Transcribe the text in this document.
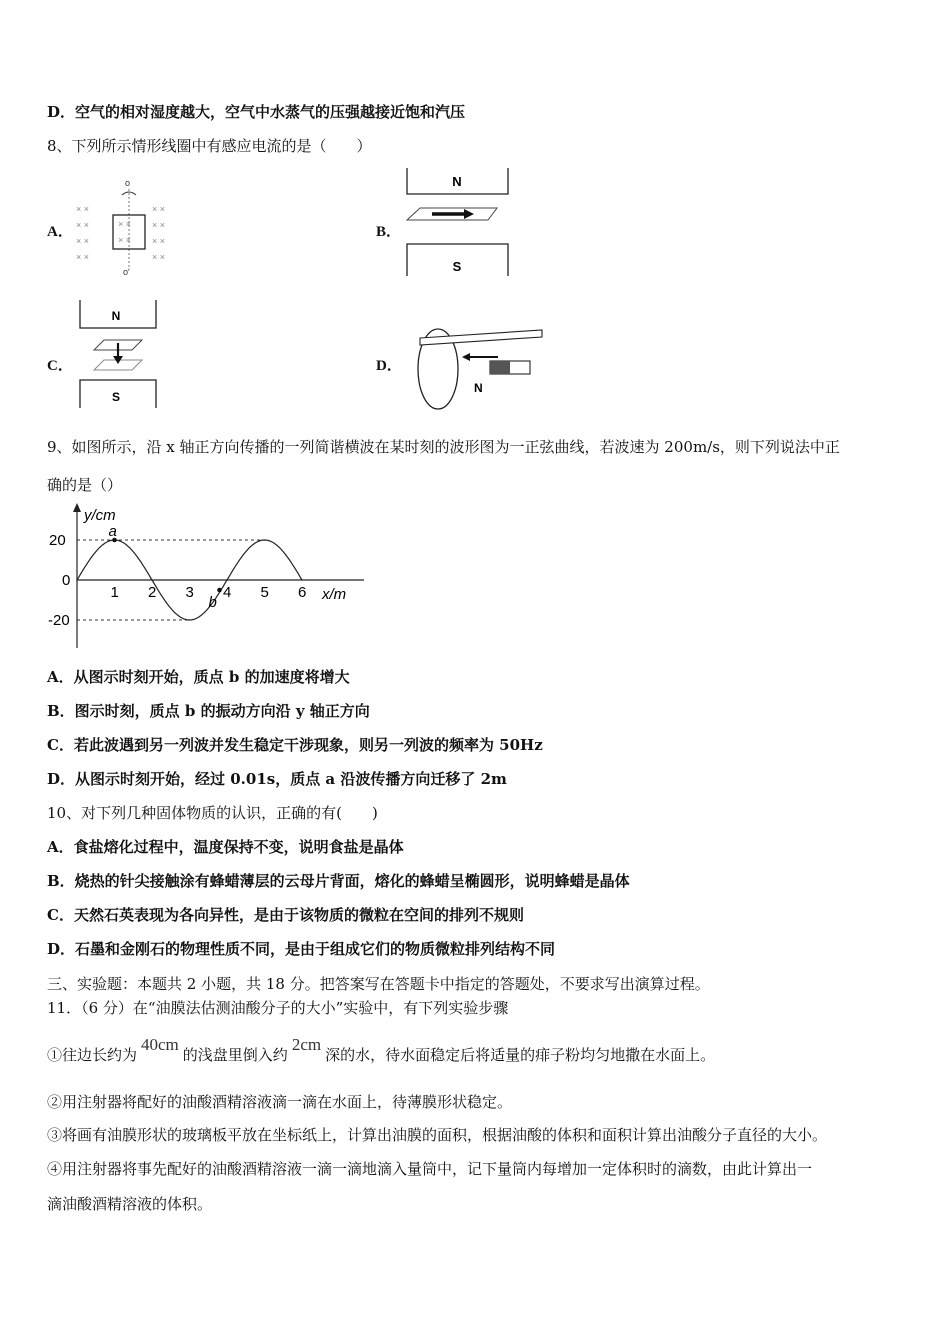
D．空气的相对湿度越大，空气中水蒸气的压强越接近饱和汽压
8、下列所示情形线圈中有感应电流的是（　　）
A．
× ×
× ×
× ×
× ×
× ×
× ×
× ×
× ×
× ×
× ×
o
o′
B．
N
S
C．
N
S
D．
N
9、如图所示，沿 x 轴正方向传播的一列简谐横波在某时刻的波形图为一正弦曲线，若波速为 200m/s，则下列说法中正
确的是（）
y/cm
x/m
1 2 3 4 5 6
20
0
-20
a
b
A．从图示时刻开始，质点 b 的加速度将增大
B．图示时刻，质点 b 的振动方向沿 y 轴正方向
C．若此波遇到另一列波并发生稳定干涉现象，则另一列波的频率为 50Hz
D．从图示时刻开始，经过 0.01s，质点 a 沿波传播方向迁移了 2m
10、对下列几种固体物质的认识，正确的有(　　)
A．食盐熔化过程中，温度保持不变，说明食盐是晶体
B．烧热的针尖接触涂有蜂蜡薄层的云母片背面，熔化的蜂蜡呈椭圆形，说明蜂蜡是晶体
C．天然石英表现为各向异性，是由于该物质的微粒在空间的排列不规则
D．石墨和金刚石的物理性质不同，是由于组成它们的物质微粒排列结构不同
三、实验题：本题共 2 小题，共 18 分。把答案写在答题卡中指定的答题处，不要求写出演算过程。
11．（6 分）在“油膜法估测油酸分子的大小”实验中，有下列实验步骤
①往边长约为40cm的浅盘里倒入约2cm深的水，待水面稳定后将适量的痱子粉均匀地撒在水面上。
②用注射器将配好的油酸酒精溶液滴一滴在水面上，待薄膜形状稳定。
③将画有油膜形状的玻璃板平放在坐标纸上，计算出油膜的面积，根据油酸的体积和面积计算出油酸分子直径的大小。
④用注射器将事先配好的油酸酒精溶液一滴一滴地滴入量筒中，记下量筒内每增加一定体积时的滴数，由此计算出一
滴油酸酒精溶液的体积。
